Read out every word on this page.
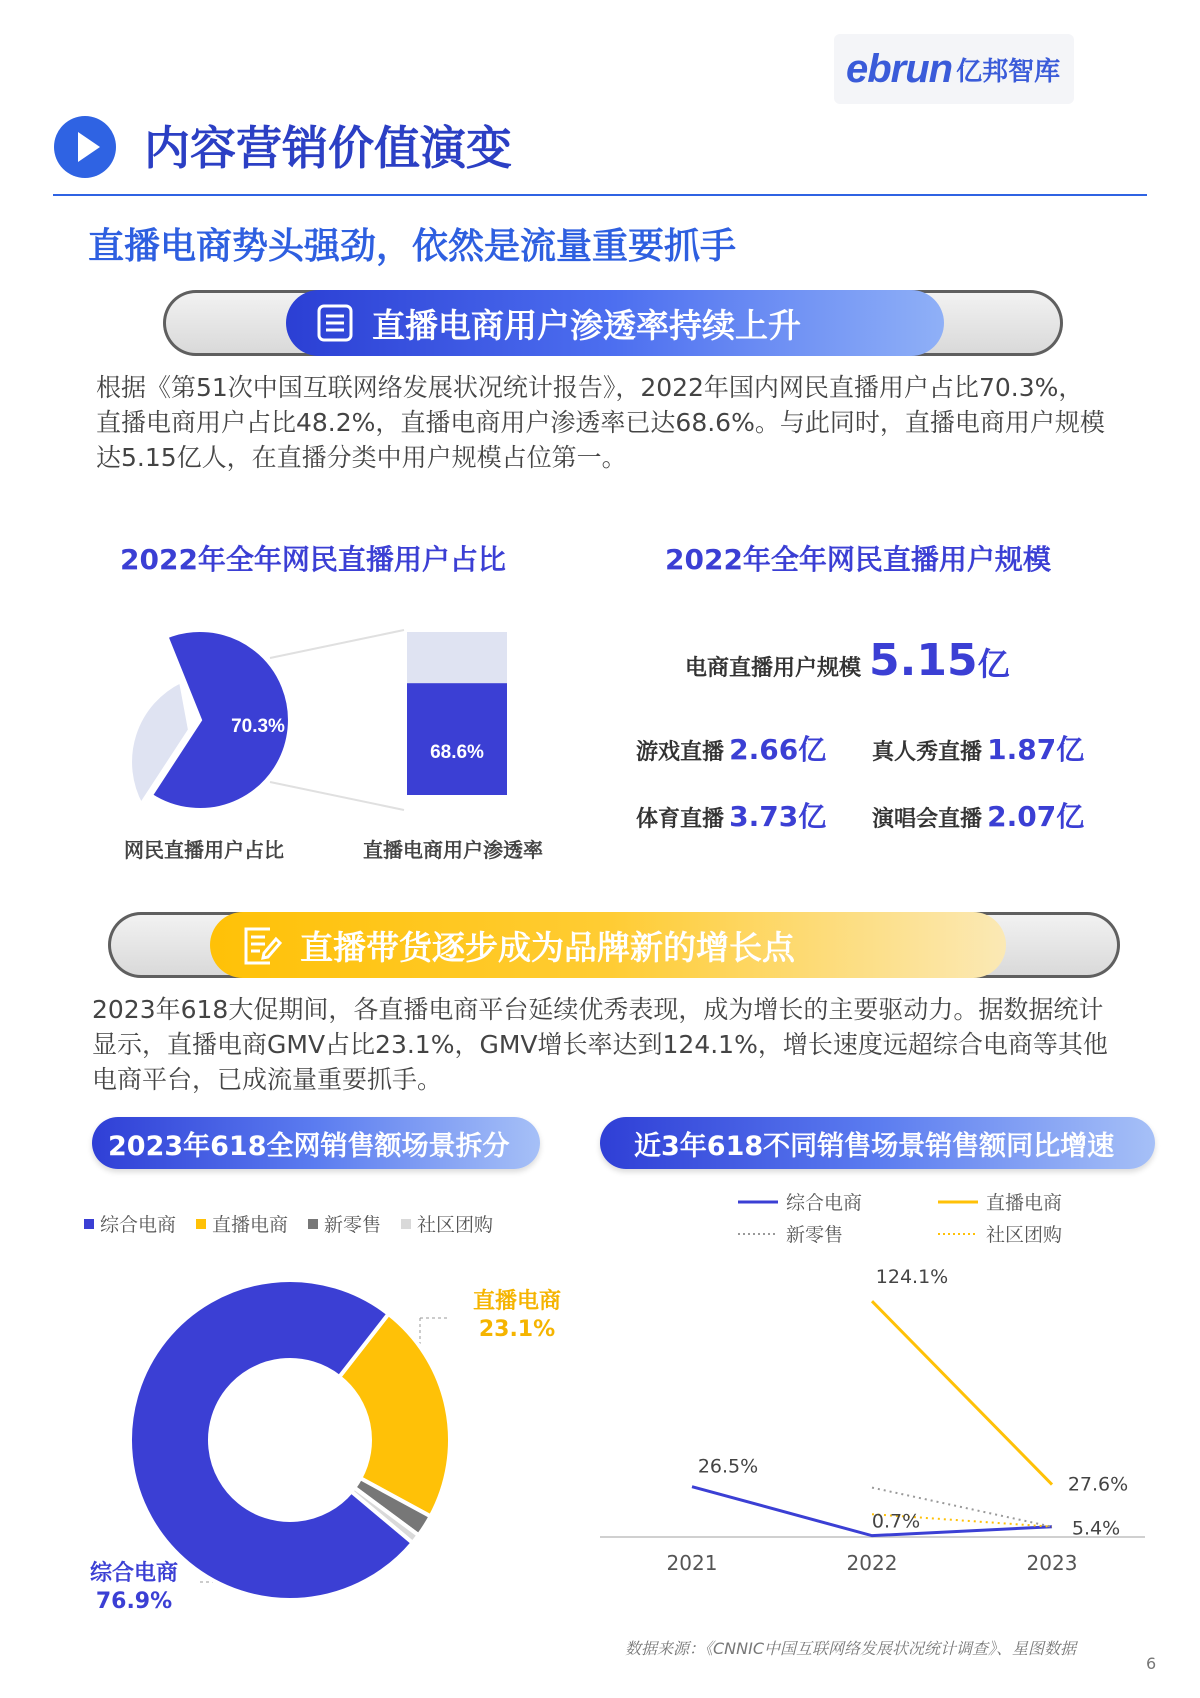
ebrun 亿邦智库
内容营销价值演变
直播电商势头强劲，依然是流量重要抓手
直播电商用户渗透率持续上升
根据《第51次中国互联网络发展状况统计报告》，2022年国内网民直播用户占比70.3%，直播电商用户占比48.2%，直播电商用户渗透率已达68.6%。与此同时，直播电商用户规模达5.15亿人，在直播分类中用户规模占位第一。
2022年全年网民直播用户占比	2022年全年网民直播用户规模
70.3%
68.6%
网民直播用户占比	直播电商用户渗透率
电商直播用户规模 5.15 亿
游戏直播 2.66亿 真人秀直播 1.87亿
体育直播 3.73亿 演唱会直播 2.07亿
直播带货逐步成为品牌新的增长点
2023年618大促期间，各直播电商平台延续优秀表现，成为增长的主要驱动力。据数据统计显示，直播电商GMV占比23.1%，GMV增长率达到124.1%，增长速度远超综合电商等其他电商平台，已成流量重要抓手。
2023年618全网销售额场景拆分	近3年618不同销售场景销售额同比增速
综合电商 直播电商 新零售 社区团购
直播电商
23.1%
综合电商
76.9%
综合电商	直播电商
新零售	社区团购
2021	2022	2023
26.5%
0.7%	5.4%
124.1%
27.6%
数据来源：《CNNIC中国互联网络发展状况统计调查》、星图数据
6
